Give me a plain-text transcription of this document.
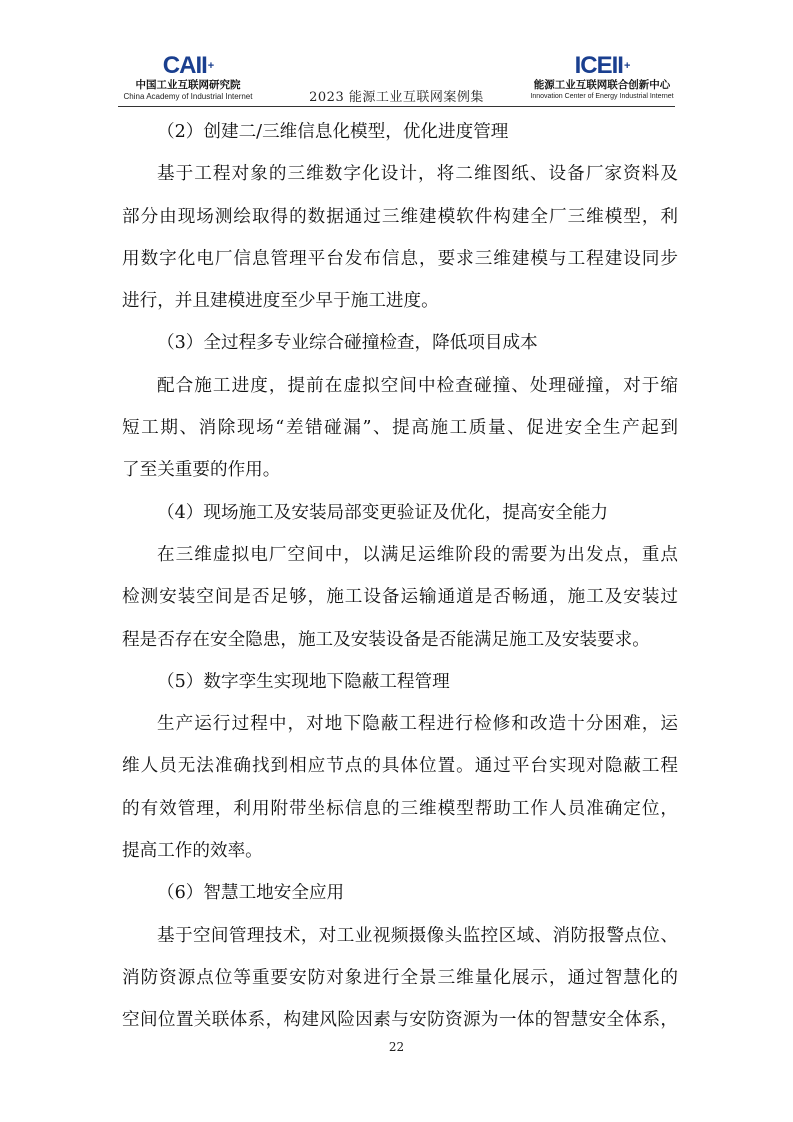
CAII+
中国工业互联网研究院
China Academy of Industrial Internet	2023 能源工业互联网案例集
ICEII+
能源工业互联网联合创新中心
Innovation Center of Energy Industrial Internet
（2）创建二/三维信息化模型，优化进度管理
基于工程对象的三维数字化设计，将二维图纸、设备厂家资料及
部分由现场测绘取得的数据通过三维建模软件构建全厂三维模型，利
用数字化电厂信息管理平台发布信息，要求三维建模与工程建设同步
进行，并且建模进度至少早于施工进度。
（3）全过程多专业综合碰撞检查，降低项目成本
配合施工进度，提前在虚拟空间中检查碰撞、处理碰撞，对于缩
短工期、消除现场“差错碰漏”、提高施工质量、促进安全生产起到
了至关重要的作用。
（4）现场施工及安装局部变更验证及优化，提高安全能力
在三维虚拟电厂空间中，以满足运维阶段的需要为出发点，重点
检测安装空间是否足够，施工设备运输通道是否畅通，施工及安装过
程是否存在安全隐患，施工及安装设备是否能满足施工及安装要求。
（5）数字孪生实现地下隐蔽工程管理
生产运行过程中，对地下隐蔽工程进行检修和改造十分困难，运
维人员无法准确找到相应节点的具体位置。通过平台实现对隐蔽工程
的有效管理，利用附带坐标信息的三维模型帮助工作人员准确定位，
提高工作的效率。
（6）智慧工地安全应用
基于空间管理技术，对工业视频摄像头监控区域、消防报警点位、
消防资源点位等重要安防对象进行全景三维量化展示，通过智慧化的
空间位置关联体系，构建风险因素与安防资源为一体的智慧安全体系，
22
